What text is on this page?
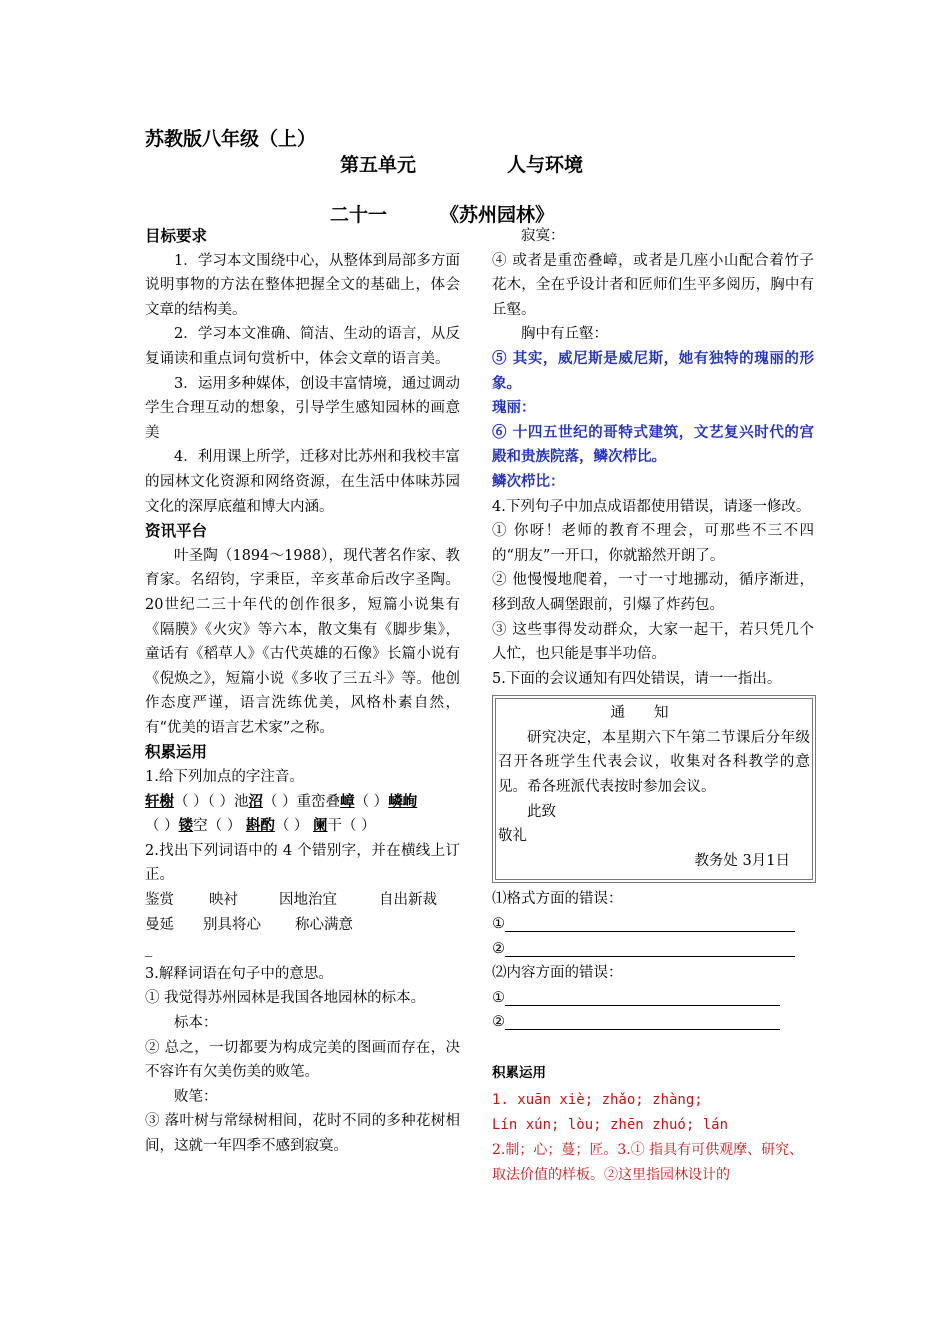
苏教版八年级（上）
第五单元	人与环境
二十一	《苏州园林》

目标要求

1．学习本文围绕中心，从整体到局部多方面说明事物的方法在整体把握全文的基础上，体会文章的结构美。

2．学习本文准确、简洁、生动的语言，从反复诵读和重点词句赏析中，体会文章的语言美。

3．运用多种媒体，创设丰富情境，通过调动学生合理互动的想象，引导学生感知园林的画意美

4．利用课上所学，迁移对比苏州和我校丰富的园林文化资源和网络资源，在生活中体味苏园文化的深厚底蕴和博大内涵。

资讯平台

叶圣陶（1894～1988），现代著名作家、教育家。名绍钧，字秉臣，辛亥革命后改字圣陶。20世纪二三十年代的创作很多，短篇小说集有《隔膜》《火灾》等六本，散文集有《脚步集》，童话有《稻草人》《古代英雄的石像》长篇小说有《倪焕之》，短篇小说《多收了三五斗》等。他创作态度严谨，语言洗练优美，风格朴素自然，有“优美的语言艺术家”之称。

积累运用

1.给下列加点的字注音。

轩榭（ ）（ ）池沼（ ）重峦叠嶂（ ）嶙峋

（ ）镂空（ ） 斟酌（ ） 阑干（ ）

2.找出下列词语中的 4 个错别字，并在横线上订正。

鉴赏 映衬	因地治宜	自出新裁

曼延 别具将心 称心满意

_

3.解释词语在句子中的意思。

① 我觉得苏州园林是我国各地园林的标本。

标本：

② 总之，一切都要为构成完美的图画而存在，决不容许有欠美伤美的败笔。

败笔：

③ 落叶树与常绿树相间，花时不同的多种花树相间，这就一年四季不感到寂寞。

寂寞：

④ 或者是重峦叠嶂，或者是几座小山配合着竹子花木，全在乎设计者和匠师们生平多阅历，胸中有丘壑。

胸中有丘壑：

⑤ 其实，威尼斯是威尼斯，她有独特的瑰丽的形象。

瑰丽：

⑥ 十四五世纪的哥特式建筑，文艺复兴时代的宫殿和贵族院落，鳞次栉比。

鳞次栉比：

4.下列句子中加点成语都使用错误，请逐一修改。

① 你呀！老师的教育不理会，可那些不三不四的“朋友”一开口，你就豁然开朗了。

② 他慢慢地爬着，一寸一寸地挪动，循序渐进，移到敌人碉堡跟前，引爆了炸药包。

③ 这些事得发动群众，大家一起干，若只凭几个人忙，也只能是事半功倍。

5.下面的会议通知有四处错误，请一一指出。

通知

研究决定，本星期六下午第二节课后分年级召开各班学生代表会议，收集对各科教学的意见。希各班派代表按时参加会议。

此致

敬礼

教务处 3月1日

⑴格式方面的错误：

①

②

⑵内容方面的错误：

①

②

积累运用

1. xuān xiè; zhǎo; zhàng;

Lín xún; lòu; zhēn zhuó; lán

2.制；心；蔓；匠。3.① 指具有可供观摩、研究、取法价值的样板。②这里指园林设计的
